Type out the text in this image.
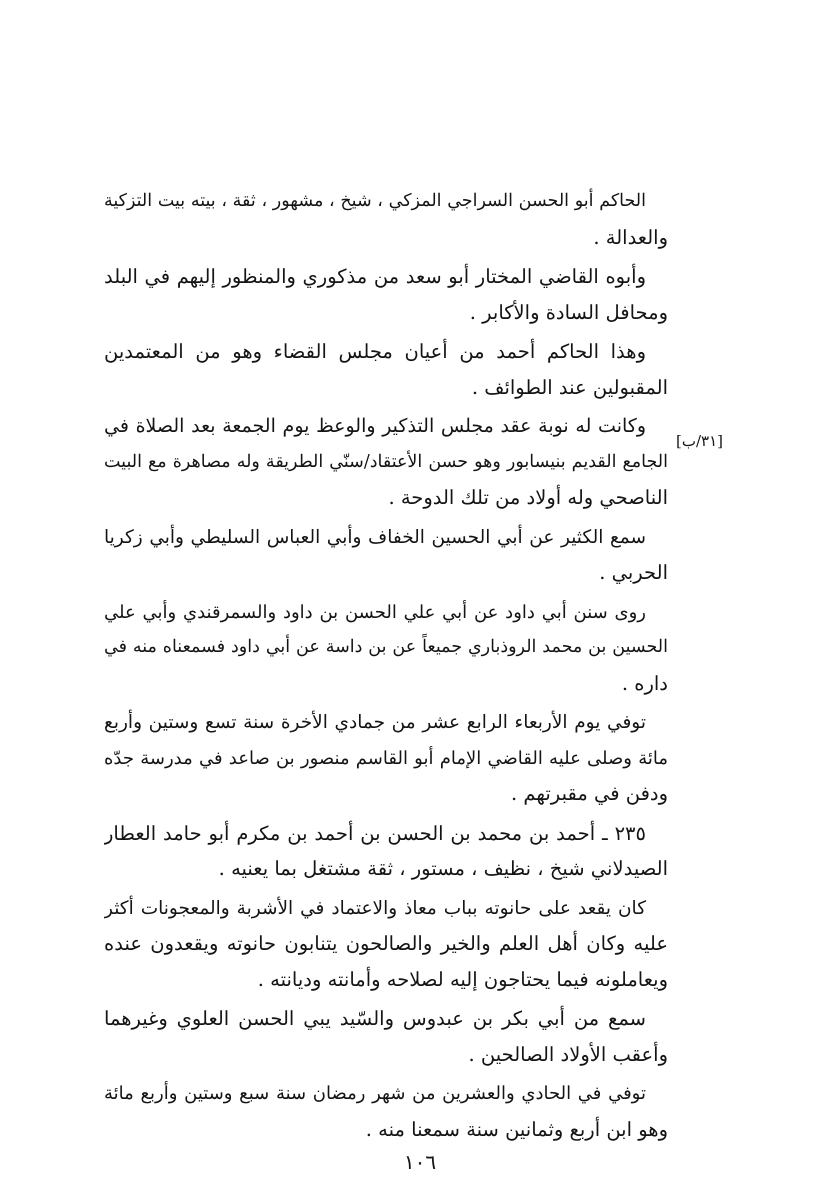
الحاكم أبو الحسن السراجي المزكي ، شيخ ، مشهور ، ثقة ، بيته بيت التزكية
والعدالة .

وأبوه القاضي المختار أبو سعد من مذكوري والمنظور إليهم في البلد
ومحافل السادة والأكابر .

وهذا الحاكم أحمد من أعيان مجلس القضاء وهو من المعتمدين
المقبولين عند الطوائف .

وكانت له نوبة عقد مجلس التذكير والوعظ يوم الجمعة بعد الصلاة في
الجامع القديم بنيسابور وهو حسن الأعتقاد/سنّي الطريقة وله مصاهرة مع البيت
الناصحي وله أولاد من تلك الدوحة .

سمع الكثير عن أبي الحسين الخفاف وأبي العباس السليطي وأبي زكريا
الحربي .

روى سنن أبي داود عن أبي علي الحسن بن داود والسمرقندي وأبي علي
الحسين بن محمد الروذباري جميعاً عن بن داسة عن أبي داود فسمعناه منه في
داره .

توفي يوم الأربعاء الرابع عشر من جمادي الأخرة سنة تسع وستين وأربع
مائة وصلى عليه القاضي الإمام أبو القاسم منصور بن صاعد في مدرسة جدّه
ودفن في مقبرتهم .

٢٣٥ ـ أحمد بن محمد بن الحسن بن أحمد بن مكرم أبو حامد العطار
الصيدلاني شيخ ، نظيف ، مستور ، ثقة مشتغل بما يعنيه .

كان يقعد على حانوته بباب معاذ والاعتماد في الأشربة والمعجونات أكثر
عليه وكان أهل العلم والخير والصالحون يتنابون حانوته ويقعدون عنده
ويعاملونه فيما يحتاجون إليه لصلاحه وأمانته وديانته .

سمع من أبي بكر بن عبدوس والسّيد يبي الحسن العلوي وغيرهما
وأعقب الأولاد الصالحين .

توفي في الحادي والعشرين من شهر رمضان سنة سبع وستين وأربع مائة
وهو ابن أربع وثمانين سنة سمعنا منه .

[٣١/ب]
١٠٦
